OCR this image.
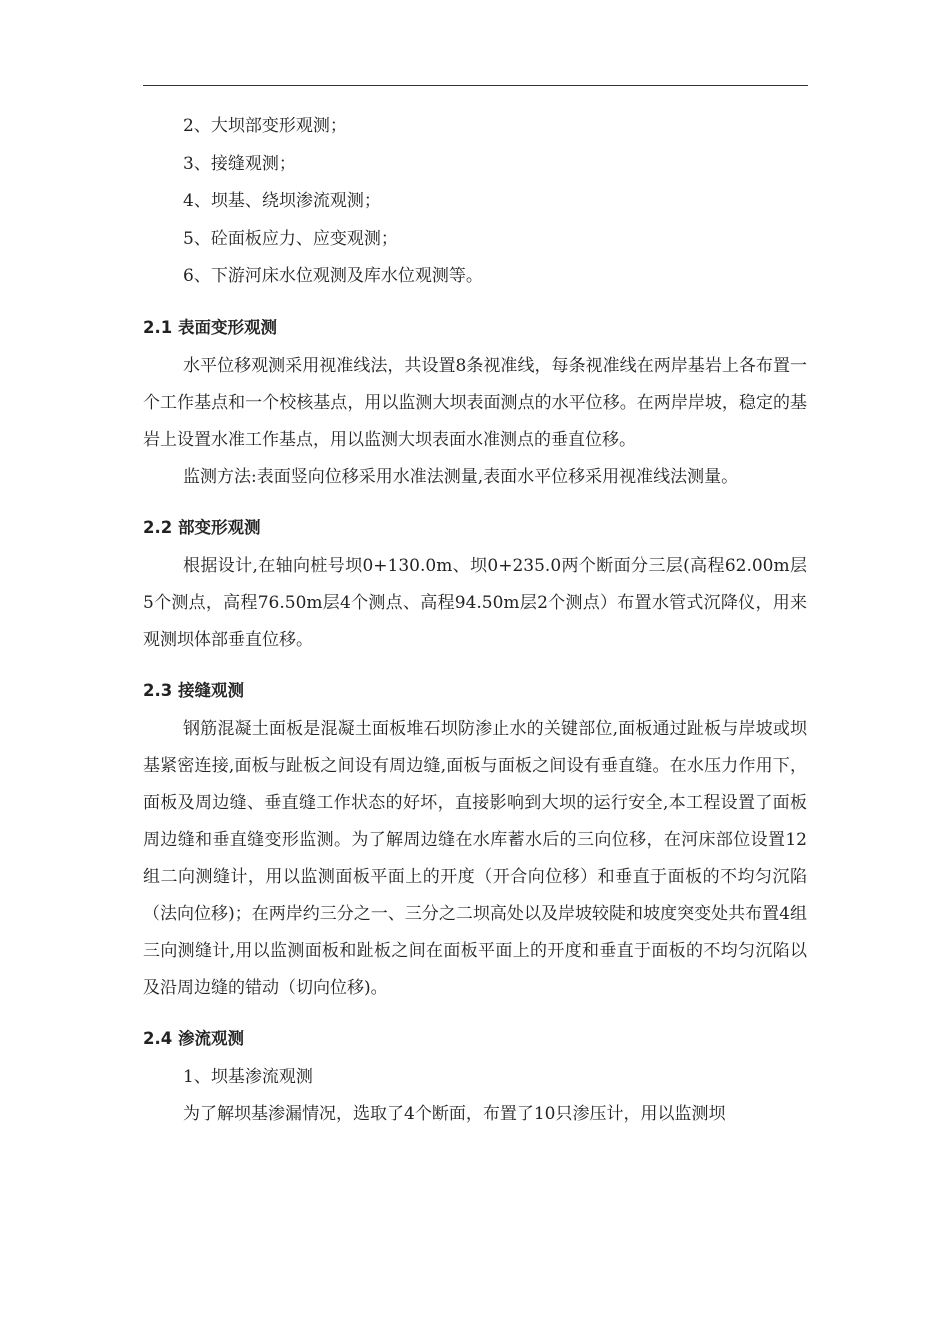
2、大坝部变形观测；

3、接缝观测；

4、坝基、绕坝渗流观测；

5、砼面板应力、应变观测；

6、下游河床水位观测及库水位观测等。

2.1 表面变形观测

水平位移观测采用视准线法，共设置8条视准线，每条视准线在两岸基岩上各布置一个工作基点和一个校核基点，用以监测大坝表面测点的水平位移。在两岸岸坡，稳定的基岩上设置水准工作基点，用以监测大坝表面水准测点的垂直位移。

监测方法:表面竖向位移采用水准法测量,表面水平位移采用视准线法测量。

2.2 部变形观测

根据设计,在轴向桩号坝0+130.0m、坝0+235.0两个断面分三层(高程62.00m层5个测点，高程76.50m层4个测点、高程94.50m层2个测点）布置水管式沉降仪，用来观测坝体部垂直位移。

2.3 接缝观测

钢筋混凝土面板是混凝土面板堆石坝防渗止水的关键部位,面板通过趾板与岸坡或坝基紧密连接,面板与趾板之间设有周边缝,面板与面板之间设有垂直缝。在水压力作用下，面板及周边缝、垂直缝工作状态的好坏，直接影响到大坝的运行安全,本工程设置了面板周边缝和垂直缝变形监测。为了解周边缝在水库蓄水后的三向位移，在河床部位设置12组二向测缝计，用以监测面板平面上的开度（开合向位移）和垂直于面板的不均匀沉陷（法向位移)；在两岸约三分之一、三分之二坝高处以及岸坡较陡和坡度突变处共布置4组三向测缝计,用以监测面板和趾板之间在面板平面上的开度和垂直于面板的不均匀沉陷以及沿周边缝的错动（切向位移)。

2.4 渗流观测

1、坝基渗流观测

为了解坝基渗漏情况，选取了4个断面，布置了10只渗压计，用以监测坝
